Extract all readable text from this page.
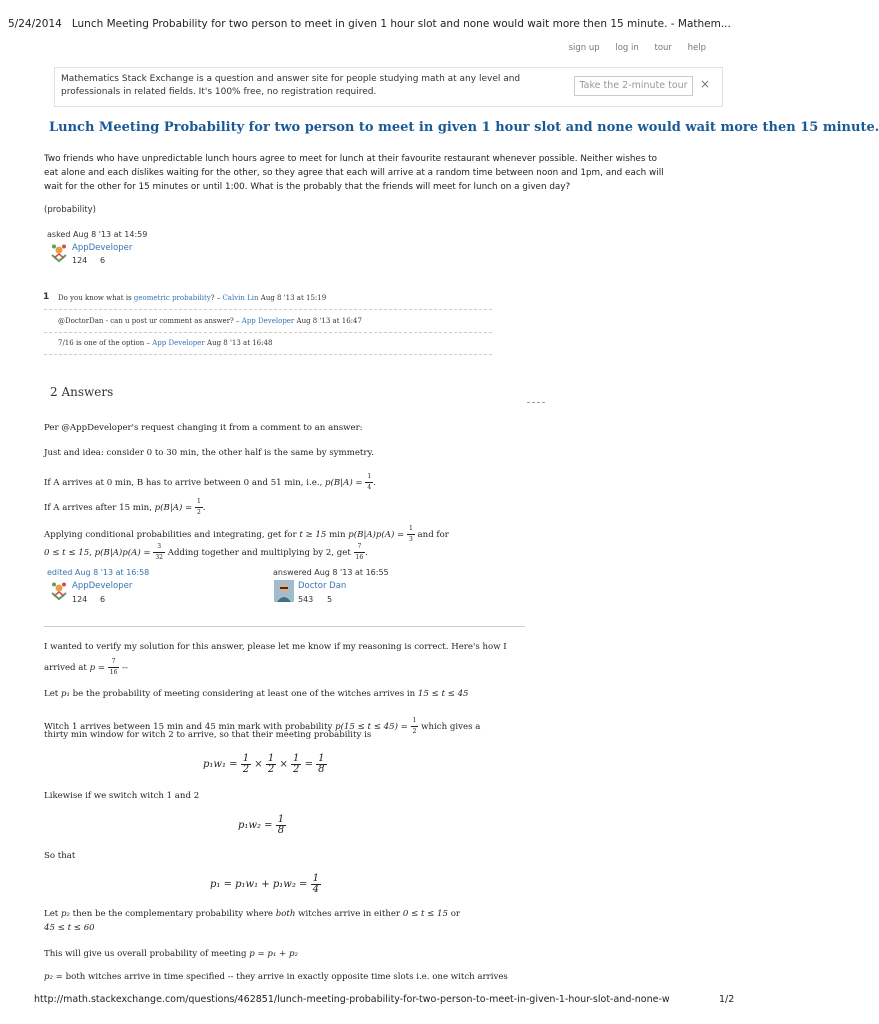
5/24/2014 Lunch Meeting Probability for two person to meet in given 1 hour slot and none would wait more then 15 minute. - Mathem...
sign up log in tour help
Mathematics Stack Exchange is a question and answer site for people studying math at any level and professionals in related fields. It's 100% free, no registration required.
Take the 2-minute tour	×
Lunch Meeting Probability for two person to meet in given 1 hour slot and none would wait more then 15 minute.
Two friends who have unpredictable lunch hours agree to meet for lunch at their favourite restaurant whenever possible. Neither wishes to eat alone and each dislikes waiting for the other, so they agree that each will arrive at a random time between noon and 1pm, and each will wait for the other for 15 minutes or until 1:00. What is the probably that the friends will meet for lunch on a given day?
(probability)
asked Aug 8 '13 at 14:59
AppDeveloper
124 6
1 Do you know what is geometric probability? – Calvin Lin Aug 8 '13 at 15:19
@DoctorDan - can u post ur comment as answer? – App Developer Aug 8 '13 at 16:47
7/16 is one of the option – App Developer Aug 8 '13 at 16:48
2 Answers
Per @AppDeveloper's request changing it from a comment to an answer:
Just and idea: consider 0 to 30 min, the other half is the same by symmetry.
If A arrives at 0 min, B has to arrive between 0 and 51 min, i.e., $p(B|A) = \frac{1}{4}$ .
If A arrives after 15 min, $p(B|A) = \frac{1}{2}$ .
Applying conditional probabilities and integrating, get for t ≥ 15 $\min p(B|A)p(A) = \frac{1}{3}$ and for
0 ≤ t ≤ 15, $p(B|A)p(A) = \frac{3}{32}$ Adding together and multiplying by 2, get $\frac{7}{16}$ .
edited Aug 8 '13 at 16:58
AppDeveloper
124 6
answered Aug 8 '13 at 16:55
Doctor Dan
543 5
I wanted to verify my solution for this answer, please let me know if my reasoning is correct. Here's how I
arrived at $p = \frac{7}{16}$ --
Let p₁ be the probability of meeting considering at least one of the witches arrives in 15 ≤ t ≤ 45
Witch 1 arrives between 15 min and 45 min mark with probability $p(15 \le t \le 45) = \frac{1}{2}$ which gives a
thirty min window for witch 2 to arrive, so that their meeting probability is
$p_1w_1 = \frac{1}{2} \times \frac{1}{2} \times \frac{1}{2} = \frac{1}{8}$
Likewise if we switch witch 1 and 2
$p_1w_2 = \frac{1}{8}$
So that
$p_1 = p_1w_1 + p_1w_2 = \frac{1}{4}$
Let p₂ then be the complementary probability where both witches arrive in either 0 ≤ t ≤ 15 or
45 ≤ t ≤ 60
This will give us overall probability of meeting p = p₁ + p₂
p₂ = both witches arrive in time specified -- they arrive in exactly opposite time slots i.e. one witch arrives
http://math.stackexchange.com/questions/462851/lunch-meeting-probability-for-two-person-to-meet-in-given-1-hour-slot-and-none-w	1/2
